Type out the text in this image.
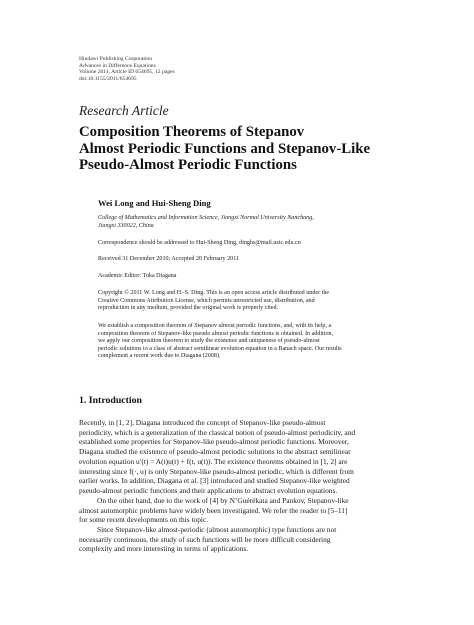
Hindawi Publishing Corporation
Advances in Difference Equations
Volume 2011, Article ID 654695, 12 pages
doi:10.1155/2011/654695
Research Article
Composition Theorems of Stepanov
Almost Periodic Functions and Stepanov-Like
Pseudo-Almost Periodic Functions
Wei Long and Hui-Sheng Ding
College of Mathematics and Information Science, Jiangxi Normal University Nanchang,
Jiangxi 330022, China
Correspondence should be addressed to Hui-Sheng Ding, dinghs@mail.ustc.edu.cn
Received 31 December 2010; Accepted 20 February 2011
Academic Editor: Toka Diagana
Copyright © 2011 W. Long and H.-S. Ding. This is an open access article distributed under the
Creative Commons Attribution License, which permits unrestricted use, distribution, and
reproduction in any medium, provided the original work is properly cited.
We establish a composition theorem of Stepanov almost periodic functions, and, with its help, a
composition theorem of Stepanov-like pseudo almost periodic functions is obtained. In addition,
we apply our composition theorem to study the existence and uniqueness of pseudo-almost
periodic solutions to a class of abstract semilinear evolution equation in a Banach space. Our results
complement a recent work due to Diagana (2008).
1. Introduction
Recently, in [1, 2], Diagana introduced the concept of Stepanov-like pseudo-almost
periodicity, which is a generalization of the classical notion of pseudo-almost periodicity, and
established some properties for Stepanov-like pseudo-almost periodic functions. Moreover,
Diagana studied the existence of pseudo-almost periodic solutions to the abstract semilinear
evolution equation u′(t) = A(t)u(t) + f(t, u(t)). The existence theorems obtained in [1, 2] are
interesting since f(·, u) is only Stepanov-like pseudo-almost periodic, which is different from
earlier works. In addition, Diagana et al. [3] introduced and studied Stepanov-like weighted
pseudo-almost periodic functions and their applications to abstract evolution equations.
On the other hand, due to the work of [4] by N’Guérékata and Pankov, Stepanov-like
almost automorphic problems have widely been investigated. We refer the reader to [5–11]
for some recent developments on this topic.
Since Stepanov-like almost-periodic (almost automorphic) type functions are not
necessarily continuous, the study of such functions will be more difficult considering
complexity and more interesting in terms of applications.
